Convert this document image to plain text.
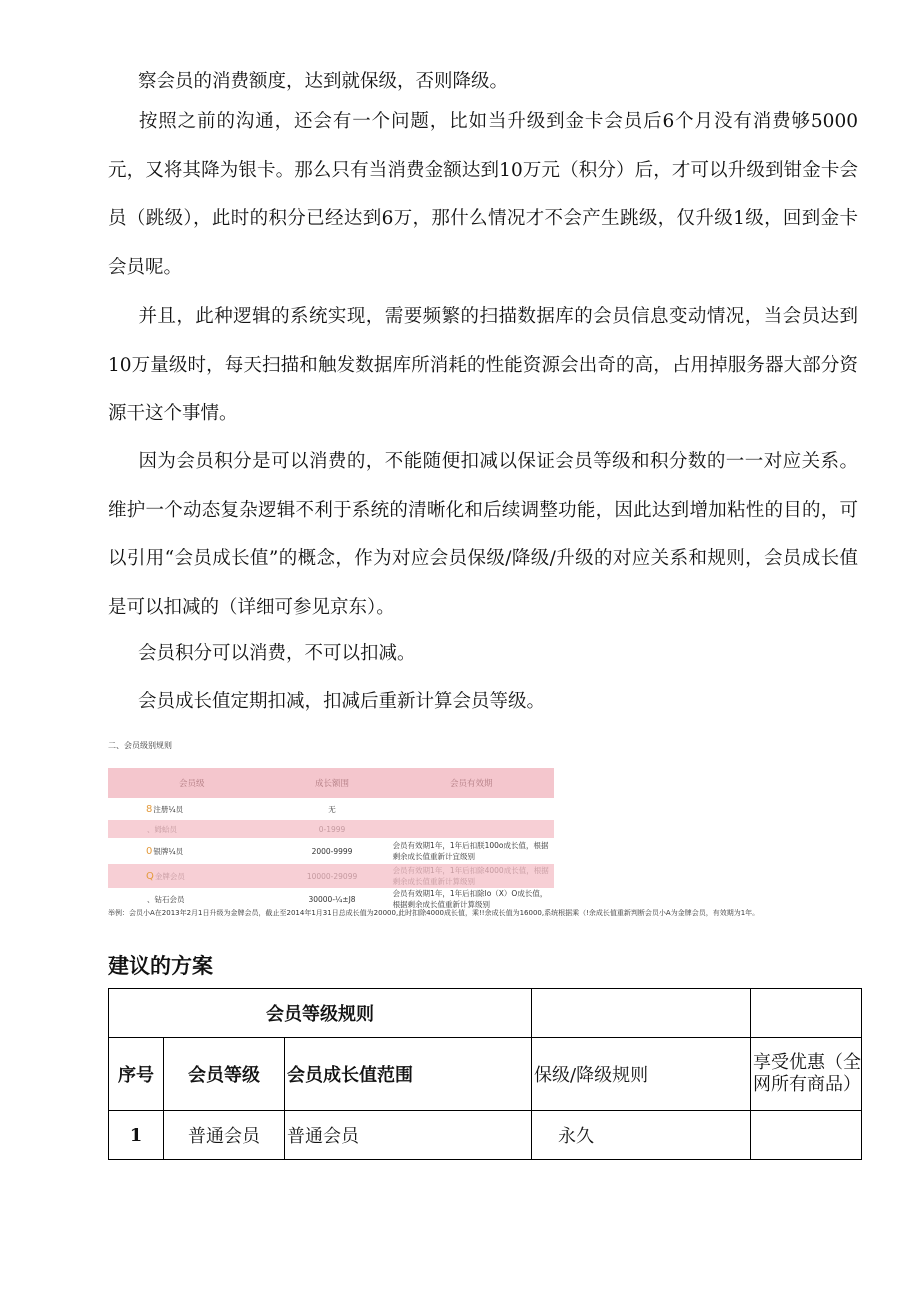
察会员的消费额度，达到就保级，否则降级。

按照之前的沟通，还会有一个问题，比如当升级到金卡会员后6个月没有消费够5000元，又将其降为银卡。那么只有当消费金额达到10万元（积分）后，才可以升级到钳金卡会员（跳级），此时的积分已经达到6万，那什么情况才不会产生跳级，仅升级1级，回到金卡会员呢。

并且，此种逻辑的系统实现，需要频繁的扫描数据库的会员信息变动情况，当会员达到10万量级时，每天扫描和触发数据库所消耗的性能资源会出奇的高，占用掉服务器大部分资源干这个事情。

因为会员积分是可以消费的，不能随便扣减以保证会员等级和积分数的一一对应关系。维护一个动态复杂逻辑不利于系统的清晰化和后续调整功能，因此达到增加粘性的目的，可以引用“会员成长值”的概念，作为对应会员保级/降级/升级的对应关系和规则，会员成长值是可以扣减的（详细可参见京东）。

会员积分可以消费，不可以扣减。

会员成长值定期扣减，扣减后重新计算会员等级。

二、会员级别规则
会员级	成长额围	会员有效期
8注册¼员	无	
、姆蛤员	0-1999	
0银牌¼员	2000-9999	会员有效期1年，1年后扣朕100o成长值，根据剩余成长值重新计宜级别
Q金牌会员	10000-29099	会员有效期1年，1年后扣除4000成长值，根据剩余成长值重新计算级别
、钻石会员	30000-¼±J8	会员有效期1年，1年后扣除lo（X）O成长值，根据剩余成长值重新计算级别
举例：会员小A在2013年2月1日升级为金牌会员，截止至2014年1月31日总成长值为20000,此时扣除4000成长值，乘!!余成长值为16000,系统根据乘（!余成长值重新判断会员小A为金牌会员，有效期为1年。
建议的方案
会员等级规则				
序号	会员等级	会员成长值范围	保级/降级规则	享受优惠（全网所有商品）
1	普通会员	普通会员	永久	
